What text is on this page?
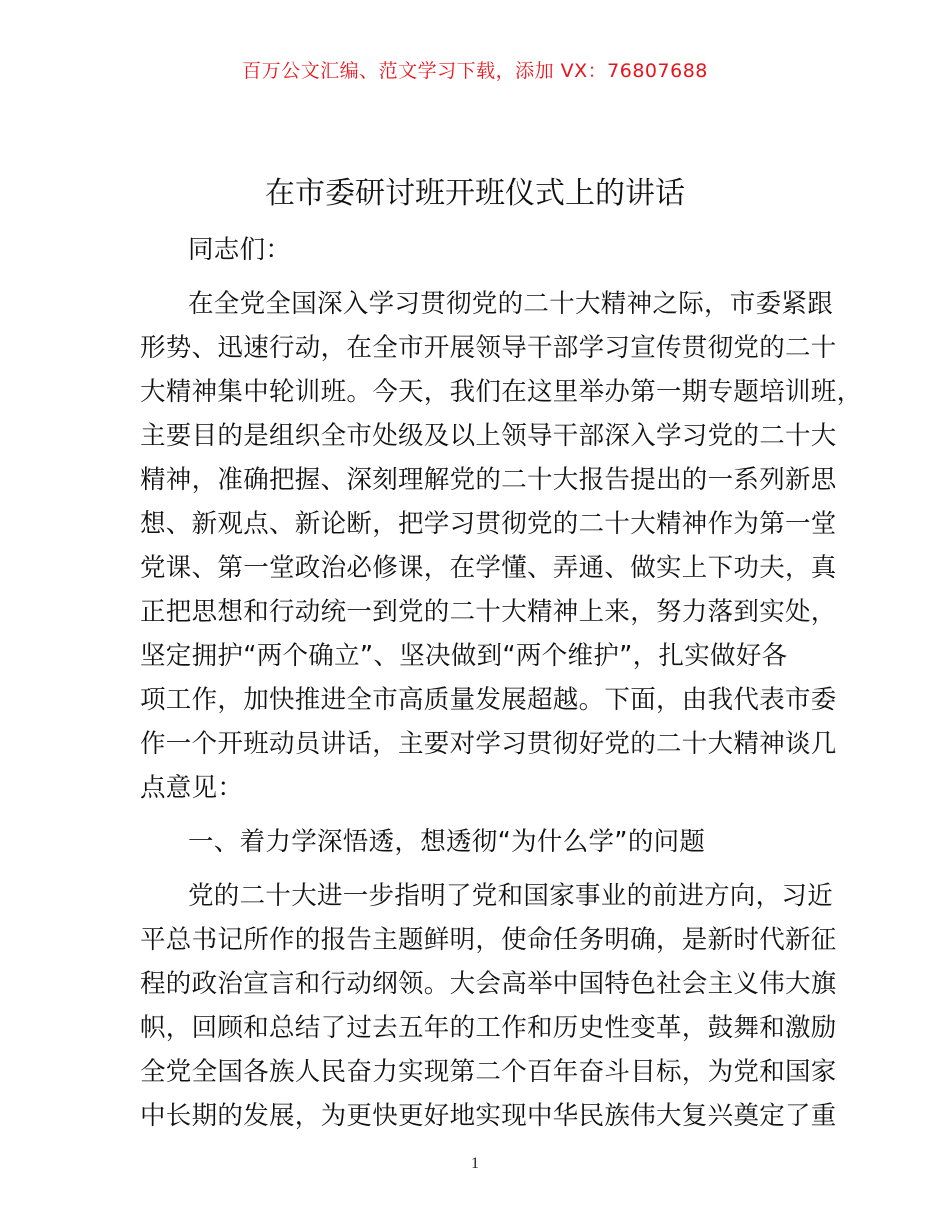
百万公文汇编、范文学习下载，添加 VX：76807688
在市委研讨班开班仪式上的讲话
同志们：
在全党全国深入学习贯彻党的二十大精神之际，市委紧跟
形势、迅速行动，在全市开展领导干部学习宣传贯彻党的二十
大精神集中轮训班。今天，我们在这里举办第一期专题培训班，
主要目的是组织全市处级及以上领导干部深入学习党的二十大
精神，准确把握、深刻理解党的二十大报告提出的一系列新思
想、新观点、新论断，把学习贯彻党的二十大精神作为第一堂
党课、第一堂政治必修课，在学懂、弄通、做实上下功夫，真
正把思想和行动统一到党的二十大精神上来，努力落到实处，
坚定拥护“两个确立”、坚决做到“两个维护”，扎实做好各
项工作，加快推进全市高质量发展超越。下面，由我代表市委
作一个开班动员讲话，主要对学习贯彻好党的二十大精神谈几
点意见：
一、着力学深悟透，想透彻“为什么学”的问题
党的二十大进一步指明了党和国家事业的前进方向，习近
平总书记所作的报告主题鲜明，使命任务明确，是新时代新征
程的政治宣言和行动纲领。大会高举中国特色社会主义伟大旗
帜，回顾和总结了过去五年的工作和历史性变革，鼓舞和激励
全党全国各族人民奋力实现第二个百年奋斗目标，为党和国家
中长期的发展，为更快更好地实现中华民族伟大复兴奠定了重
1
